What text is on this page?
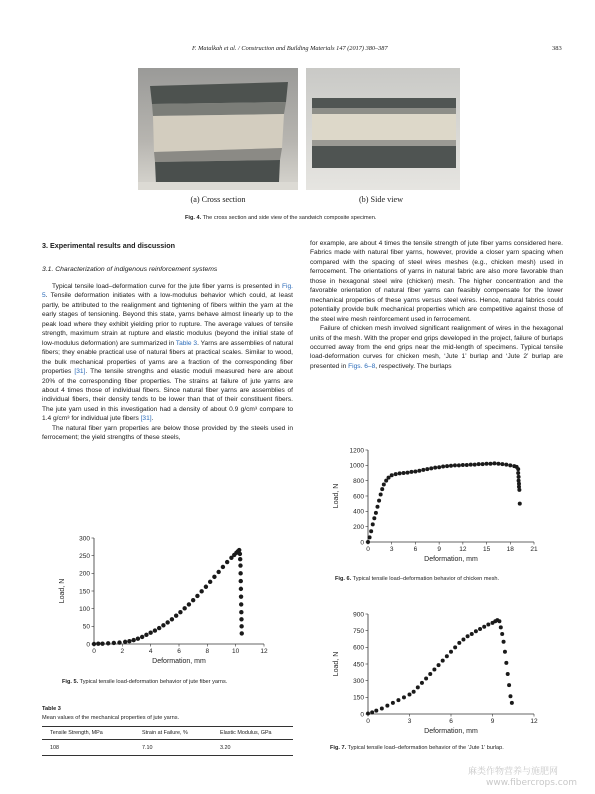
F. Matalkah et al. / Construction and Building Materials 147 (2017) 380–387	383
(a) Cross section	(b) Side view
Fig. 4. The cross section and side view of the sandwich composite specimen.
3. Experimental results and discussion
3.1. Characterization of indigenous reinforcement systems

Typical tensile load–deformation curve for the jute fiber yarns is presented in Fig. 5. Tensile deformation initiates with a low-modulus behavior which could, at least partly, be attributed to the realignment and tightening of fibers within the yarn at the early stages of tensioning. Beyond this state, yarns behave almost linearly up to the peak load where they exhibit yielding prior to rupture. The average values of tensile strength, maximum strain at rupture and elastic modulus (beyond the initial state of low-modulus deformation) are summarized in Table 3. Yarns are assemblies of natural fibers; they enable practical use of natural fibers at practical scales. Similar to wood, the bulk mechanical properties of yarns are a fraction of the corresponding fiber properties [31]. The tensile strengths and elastic moduli measured here are about 20% of the corresponding fiber properties. The strains at failure of jute yarns are about 4 times those of individual fibers. Since natural fiber yarns are assemblies of individual fibers, their density tends to be lower than that of their constituent fibers. The jute yarn used in this investigation had a density of about 0.9 g/cm³ compare to 1.4 g/cm³ for individual jute fibers [31].

The natural fiber yarn properties are below those provided by the steels used in ferrocement; the yield strengths of these steels,

for example, are about 4 times the tensile strength of jute fiber yarns considered here. Fabrics made with natural fiber yarns, however, provide a closer yarn spacing when compared with the spacing of steel wires meshes (e.g., chicken mesh) used in ferrocement. The orientations of yarns in natural fabric are also more favorable than those in hexagonal steel wire (chicken) mesh. The higher concentration and the favorable orientation of natural fiber yarns can feasibly compensate for the lower mechanical properties of these yarns versus steel wires. Hence, natural fabrics could potentially provide bulk mechanical properties which are competitive against those of the steel wire mesh reinforcement used in ferrocement.

Failure of chicken mesh involved significant realignment of wires in the hexagonal units of the mesh. With the proper end grips developed in the project, failure of burlaps occurred away from the end grips near the mid-length of specimens. Typical tensile load-deformation curves for chicken mesh, ‘Jute 1’ burlap and ‘Jute 2’ burlap are presented in Figs. 6–8, respectively. The burlaps

0	2	4	6	8	10	12
0
50
100
150
200
250
300
Deformation, mm
Load, N
Fig. 5. Typical tensile load-deformation behavior of jute fiber yarns.
Table 3
Mean values of the mechanical properties of jute yarns.
Tensile Strength, MPa	Strain at Failure, %	Elastic Modulus, GPa
108	7.10	3.20
0	3	6	9	12	15	18	21
0
200
400
600
800
1000
1200
Deformation, mm
Load, N
Fig. 6. Typical tensile load–deformation behavior of chicken mesh.
0	3	6	9	12
0
150
300
450
600
750
900
Deformation, mm
Load, N
Fig. 7. Typical tensile load–deformation behavior of the ‘Jute 1’ burlap.
麻类作物营养与施肥网
www.fibercrops.com
